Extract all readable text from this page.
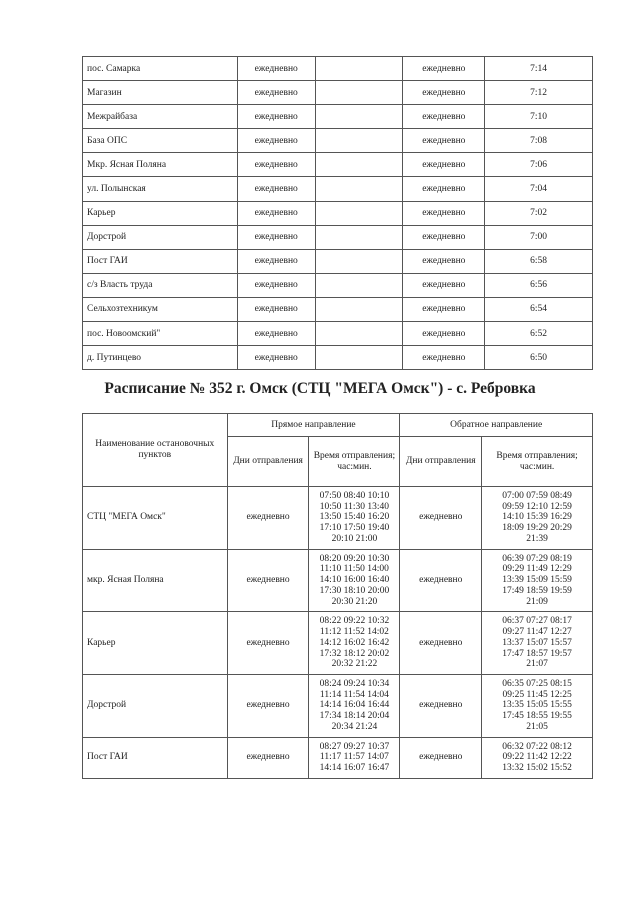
пос. Самарка	ежедневно		ежедневно	7:14
Магазин	ежедневно		ежедневно	7:12
Межрайбаза	ежедневно		ежедневно	7:10
База ОПС	ежедневно		ежедневно	7:08
Мкр. Ясная Поляна	ежедневно		ежедневно	7:06
ул. Полынская	ежедневно		ежедневно	7:04
Карьер	ежедневно		ежедневно	7:02
Дорстрой	ежедневно		ежедневно	7:00
Пост ГАИ	ежедневно		ежедневно	6:58
с/з Власть труда	ежедневно		ежедневно	6:56
Сельхозтехникум	ежедневно		ежедневно	6:54
пос. Новоомский"	ежедневно		ежедневно	6:52
д. Путинцево	ежедневно		ежедневно	6:50
Расписание № 352 г. Омск (СТЦ "МЕГА Омск") - с. Ребровка
Наименование остановочных пунктов	Прямое направление		Обратное направление	
	Дни отправления	Время отправления; час:мин.	Дни отправления	Время отправления; час:мин.
СТЦ "МЕГА Омск"	ежедневно	07:50 08:40 10:10
10:50 11:30 13:40
13:50 15:40 16:20
17:10 17:50 19:40
20:10 21:00	ежедневно	07:00 07:59 08:49
09:59 12:10 12:59
14:10 15:39 16:29
18:09 19:29 20:29
21:39

мкр. Ясная Поляна	ежедневно	08:20 09:20 10:30
11:10 11:50 14:00
14:10 16:00 16:40
17:30 18:10 20:00
20:30 21:20	ежедневно	06:39 07:29 08:19
09:29 11:49 12:29
13:39 15:09 15:59
17:49 18:59 19:59
21:09

Карьер	ежедневно	08:22 09:22 10:32
11:12 11:52 14:02
14:12 16:02 16:42
17:32 18:12 20:02
20:32 21:22	ежедневно	06:37 07:27 08:17
09:27 11:47 12:27
13:37 15:07 15:57
17:47 18:57 19:57
21:07

Дорстрой	ежедневно	08:24 09:24 10:34
11:14 11:54 14:04
14:14 16:04 16:44
17:34 18:14 20:04
20:34 21:24	ежедневно	06:35 07:25 08:15
09:25 11:45 12:25
13:35 15:05 15:55
17:45 18:55 19:55
21:05

Пост ГАИ	ежедневно	08:27 09:27 10:37
11:17 11:57 14:07
14:14 16:07 16:47	ежедневно	06:32 07:22 08:12
09:22 11:42 12:22
13:32 15:02 15:52
